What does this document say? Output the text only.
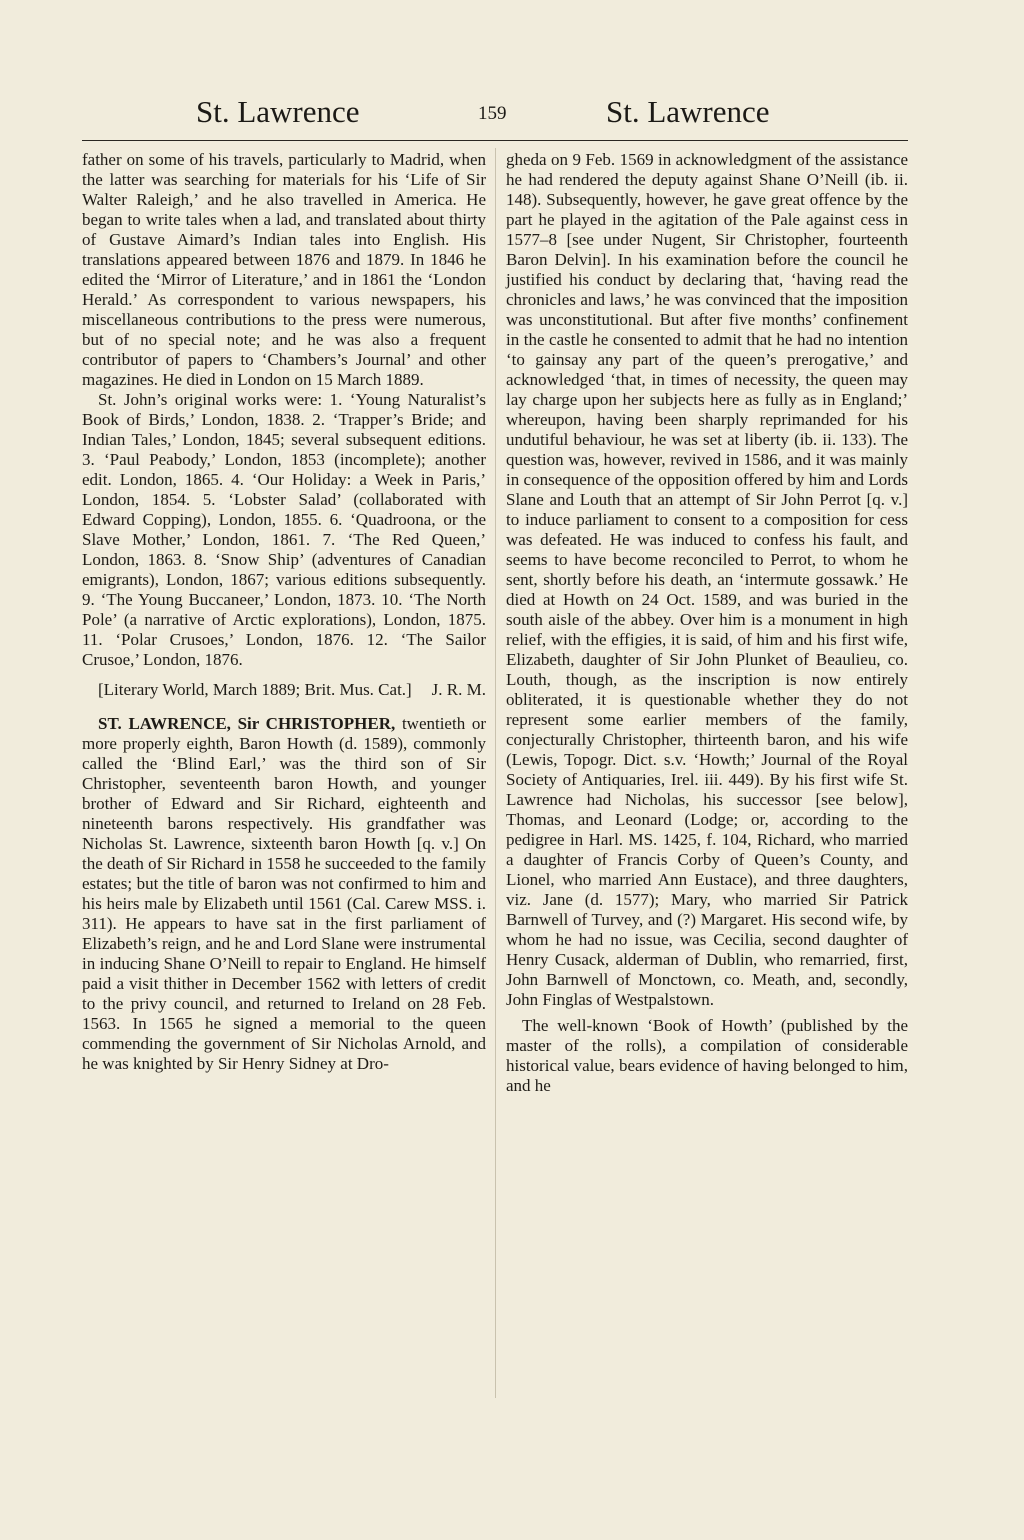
St. Lawrence	159	St. Lawrence

father on some of his travels, particularly to Madrid, when the latter was searching for materials for his ‘Life of Sir Walter Raleigh,’ and he also travelled in America. He began to write tales when a lad, and translated about thirty of Gustave Aimard’s Indian tales into English. His translations appeared between 1876 and 1879. In 1846 he edited the ‘Mirror of Literature,’ and in 1861 the ‘London Herald.’ As correspondent to various newspapers, his miscellaneous contributions to the press were numerous, but of no special note; and he was also a frequent contributor of papers to ‘Chambers’s Journal’ and other magazines. He died in London on 15 March 1889.

St. John’s original works were: 1. ‘Young Naturalist’s Book of Birds,’ London, 1838. 2. ‘Trapper’s Bride; and Indian Tales,’ London, 1845; several subsequent editions. 3. ‘Paul Peabody,’ London, 1853 (incomplete); another edit. London, 1865. 4. ‘Our Holiday: a Week in Paris,’ London, 1854. 5. ‘Lobster Salad’ (collaborated with Edward Copping), London, 1855. 6. ‘Quadroona, or the Slave Mother,’ London, 1861. 7. ‘The Red Queen,’ London, 1863. 8. ‘Snow Ship’ (adventures of Canadian emigrants), London, 1867; various editions subsequently. 9. ‘The Young Buccaneer,’ London, 1873. 10. ‘The North Pole’ (a narrative of Arctic explorations), London, 1875. 11. ‘Polar Crusoes,’ London, 1876. 12. ‘The Sailor Crusoe,’ London, 1876.

[Literary World, March 1889; Brit. Mus. Cat.]	J. R. M.

ST. LAWRENCE, Sir CHRISTOPHER, twentieth or more properly eighth, Baron Howth (d. 1589), commonly called the ‘Blind Earl,’ was the third son of Sir Christopher, seventeenth baron Howth, and younger brother of Edward and Sir Richard, eighteenth and nineteenth barons respectively. His grandfather was Nicholas St. Lawrence, sixteenth baron Howth [q. v.] On the death of Sir Richard in 1558 he succeeded to the family estates; but the title of baron was not confirmed to him and his heirs male by Elizabeth until 1561 (Cal. Carew MSS. i. 311). He appears to have sat in the first parliament of Elizabeth’s reign, and he and Lord Slane were instrumental in inducing Shane O’Neill to repair to England. He himself paid a visit thither in December 1562 with letters of credit to the privy council, and returned to Ireland on 28 Feb. 1563. In 1565 he signed a memorial to the queen commending the government of Sir Nicholas Arnold, and he was knighted by Sir Henry Sidney at Dro-

gheda on 9 Feb. 1569 in acknowledgment of the assistance he had rendered the deputy against Shane O’Neill (ib. ii. 148). Subsequently, however, he gave great offence by the part he played in the agitation of the Pale against cess in 1577–8 [see under Nugent, Sir Christopher, fourteenth Baron Delvin]. In his examination before the council he justified his conduct by declaring that, ‘having read the chronicles and laws,’ he was convinced that the imposition was unconstitutional. But after five months’ confinement in the castle he consented to admit that he had no intention ‘to gainsay any part of the queen’s prerogative,’ and acknowledged ‘that, in times of necessity, the queen may lay charge upon her subjects here as fully as in England;’ whereupon, having been sharply reprimanded for his undutiful behaviour, he was set at liberty (ib. ii. 133). The question was, however, revived in 1586, and it was mainly in consequence of the opposition offered by him and Lords Slane and Louth that an attempt of Sir John Perrot [q. v.] to induce parliament to consent to a composition for cess was defeated. He was induced to confess his fault, and seems to have become reconciled to Perrot, to whom he sent, shortly before his death, an ‘intermute gossawk.’ He died at Howth on 24 Oct. 1589, and was buried in the south aisle of the abbey. Over him is a monument in high relief, with the effigies, it is said, of him and his first wife, Elizabeth, daughter of Sir John Plunket of Beaulieu, co. Louth, though, as the inscription is now entirely obliterated, it is questionable whether they do not represent some earlier members of the family, conjecturally Christopher, thirteenth baron, and his wife (Lewis, Topogr. Dict. s.v. ‘Howth;’ Journal of the Royal Society of Antiquaries, Irel. iii. 449). By his first wife St. Lawrence had Nicholas, his successor [see below], Thomas, and Leonard (Lodge; or, according to the pedigree in Harl. MS. 1425, f. 104, Richard, who married a daughter of Francis Corby of Queen’s County, and Lionel, who married Ann Eustace), and three daughters, viz. Jane (d. 1577); Mary, who married Sir Patrick Barnwell of Turvey, and (?) Margaret. His second wife, by whom he had no issue, was Cecilia, second daughter of Henry Cusack, alderman of Dublin, who remarried, first, John Barnwell of Monctown, co. Meath, and, secondly, John Finglas of Westpalstown.

The well-known ‘Book of Howth’ (published by the master of the rolls), a compilation of considerable historical value, bears evidence of having belonged to him, and he
